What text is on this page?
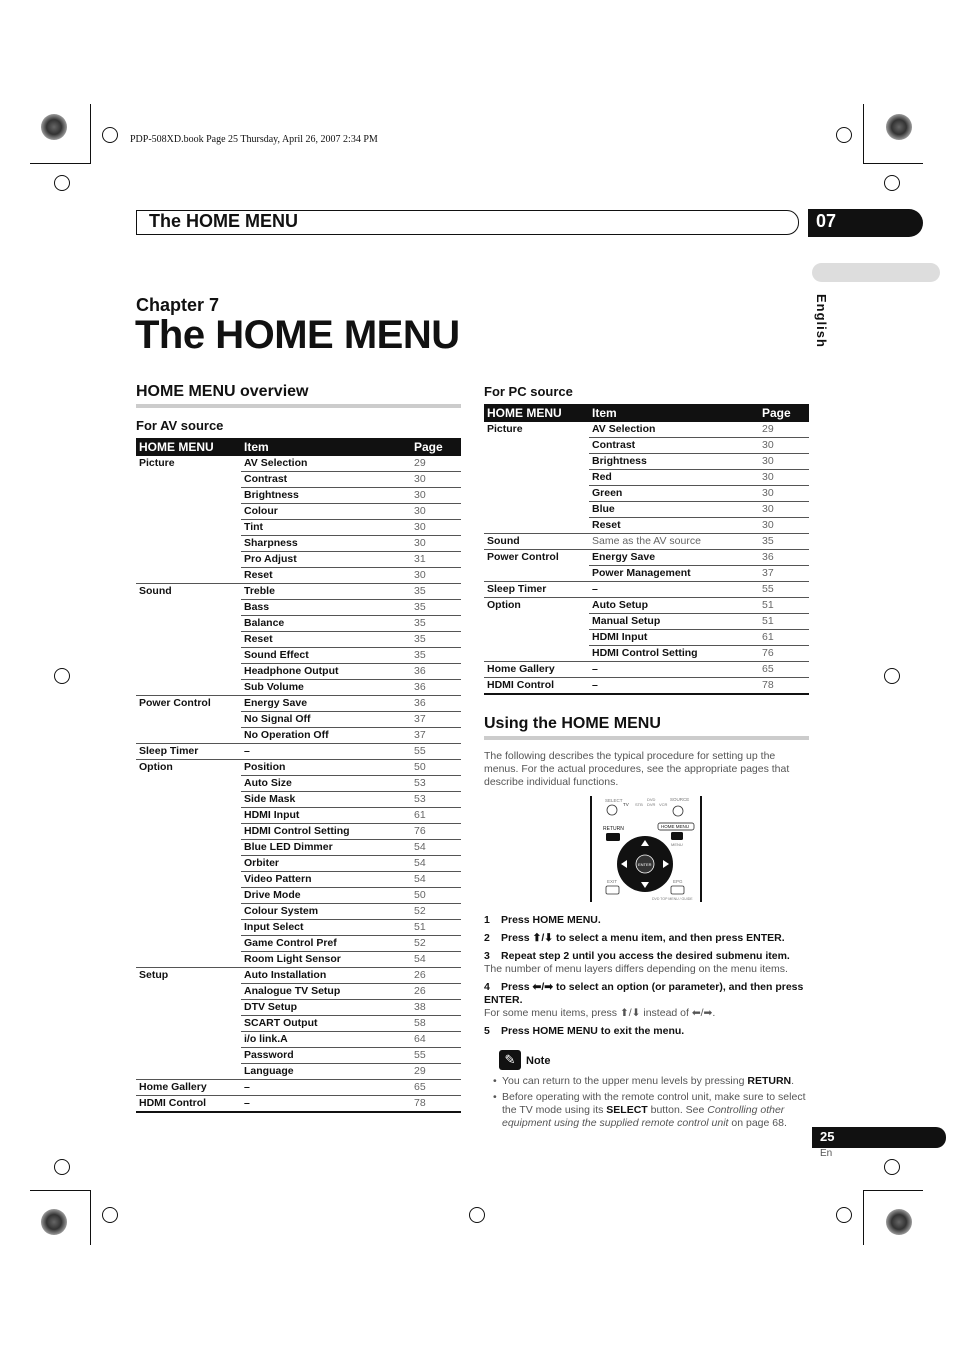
PDP-508XD.book Page 25 Thursday, April 26, 2007 2:34 PM
The HOME MENU	07
English
Chapter 7
The HOME MENU
HOME MENU overview
For AV source
HOME MENU	Item	Page
Picture	AV Selection	29
	Contrast	30
	Brightness	30
	Colour	30
	Tint	30
	Sharpness	30
	Pro Adjust	31
	Reset	30
Sound	Treble	35
	Bass	35
	Balance	35
	Reset	35
	Sound Effect	35
	Headphone Output	36
	Sub Volume	36
Power Control	Energy Save	36
	No Signal Off	37
	No Operation Off	37
Sleep Timer	–	55
Option	Position	50
	Auto Size	53
	Side Mask	53
	HDMI Input	61
	HDMI Control Setting	76
	Blue LED Dimmer	54
	Orbiter	54
	Video Pattern	54
	Drive Mode	50
	Colour System	52
	Input Select	51
	Game Control Pref	52
	Room Light Sensor	54
Setup	Auto Installation	26
	Analogue TV Setup	26
	DTV Setup	38
	SCART Output	58
	i/o link.A	64
	Password	55
	Language	29
Home Gallery	–	65
HDMI Control	–	78
For PC source
HOME MENU	Item	Page
Picture	AV Selection	29
	Contrast	30
	Brightness	30
	Red	30
	Green	30
	Blue	30
	Reset	30
Sound	Same as the AV source	35
Power Control	Energy Save	36
	Power Management	37
Sleep Timer	–	55
Option	Auto Setup	51
	Manual Setup	51
	HDMI Input	61
	HDMI Control Setting	76
Home Gallery	–	65
HDMI Control	–	78
Using the HOME MENU
The following describes the typical procedure for setting up the menus. For the actual procedures, see the appropriate pages that describe individual functions.
SELECT
TV STB
DVD
DVR VCR
SOURCE
RETURN	HOME MENU
MENU
ENTER
EXIT	EPG
DVD TOP MENU / GUIDE
1 Press HOME MENU.
2 Press ⬆/⬇ to select a menu item, and then press ENTER.
3 Repeat step 2 until you access the desired submenu item.
The number of menu layers differs depending on the menu items.
4 Press ⬅/➡ to select an option (or parameter), and then press ENTER.
For some menu items, press ⬆/⬇ instead of ⬅/➡.
5 Press HOME MENU to exit the menu.
✎ Note
• You can return to the upper menu levels by pressing RETURN.
• Before operating with the remote control unit, make sure to select the TV mode using its SELECT button. See Controlling other equipment using the supplied remote control unit on page 68.
25
En
